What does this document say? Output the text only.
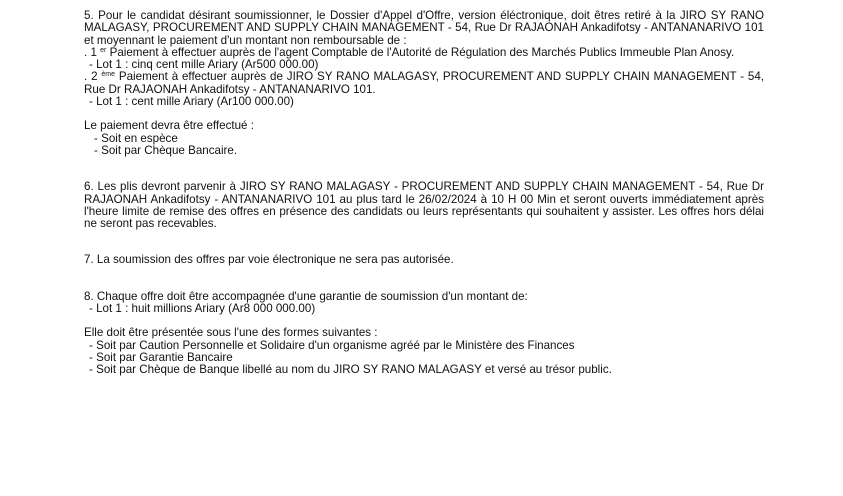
5. Pour le candidat désirant soumissionner, le Dossier d'Appel d'Offre, version éléctronique, doit êtres retiré à la JIRO SY RANO MALAGASY, PROCUREMENT AND SUPPLY CHAIN MANAGEMENT - 54, Rue Dr RAJAONAH Ankadifotsy - ANTANANARIVO 101 et moyennant le paiement d'un montant non remboursable de :

. 1 $^{er}$ Paiement à effectuer auprès de l'agent Comptable de l'Autorité de Régulation des Marchés Publics Immeuble Plan Anosy.

- Lot 1 : cinq cent mille Ariary (Ar500 000.00)

. 2 $^{ème}$ Paiement à effectuer auprès de JIRO SY RANO MALAGASY, PROCUREMENT AND SUPPLY CHAIN MANAGEMENT - 54, Rue Dr RAJAONAH Ankadifotsy - ANTANANARIVO 101.

- Lot 1 : cent mille Ariary (Ar100 000.00)

Le paiement devra être effectué :

- Soit en espèce

- Soit par Chèque Bancaire.

6. Les plis devront parvenir à JIRO SY RANO MALAGASY - PROCUREMENT AND SUPPLY CHAIN MANAGEMENT - 54, Rue Dr RAJAONAH Ankadifotsy - ANTANANARIVO 101 au plus tard le 26/02/2024 à 10 H 00 Min et seront ouverts immédiatement après l'heure limite de remise des offres en présence des candidats ou leurs représentants qui souhaitent y assister. Les offres hors délai ne seront pas recevables.

7. La soumission des offres par voie électronique ne sera pas autorisée.

8. Chaque offre doit être accompagnée d'une garantie de soumission d'un montant de:

- Lot 1 : huit millions Ariary (Ar8 000 000.00)

Elle doit être présentée sous l'une des formes suivantes :

- Soit par Caution Personnelle et Solidaire d'un organisme agréé par le Ministère des Finances

- Soit par Garantie Bancaire

- Soit par Chèque de Banque libellé au nom du JIRO SY RANO MALAGASY et versé au trésor public.
